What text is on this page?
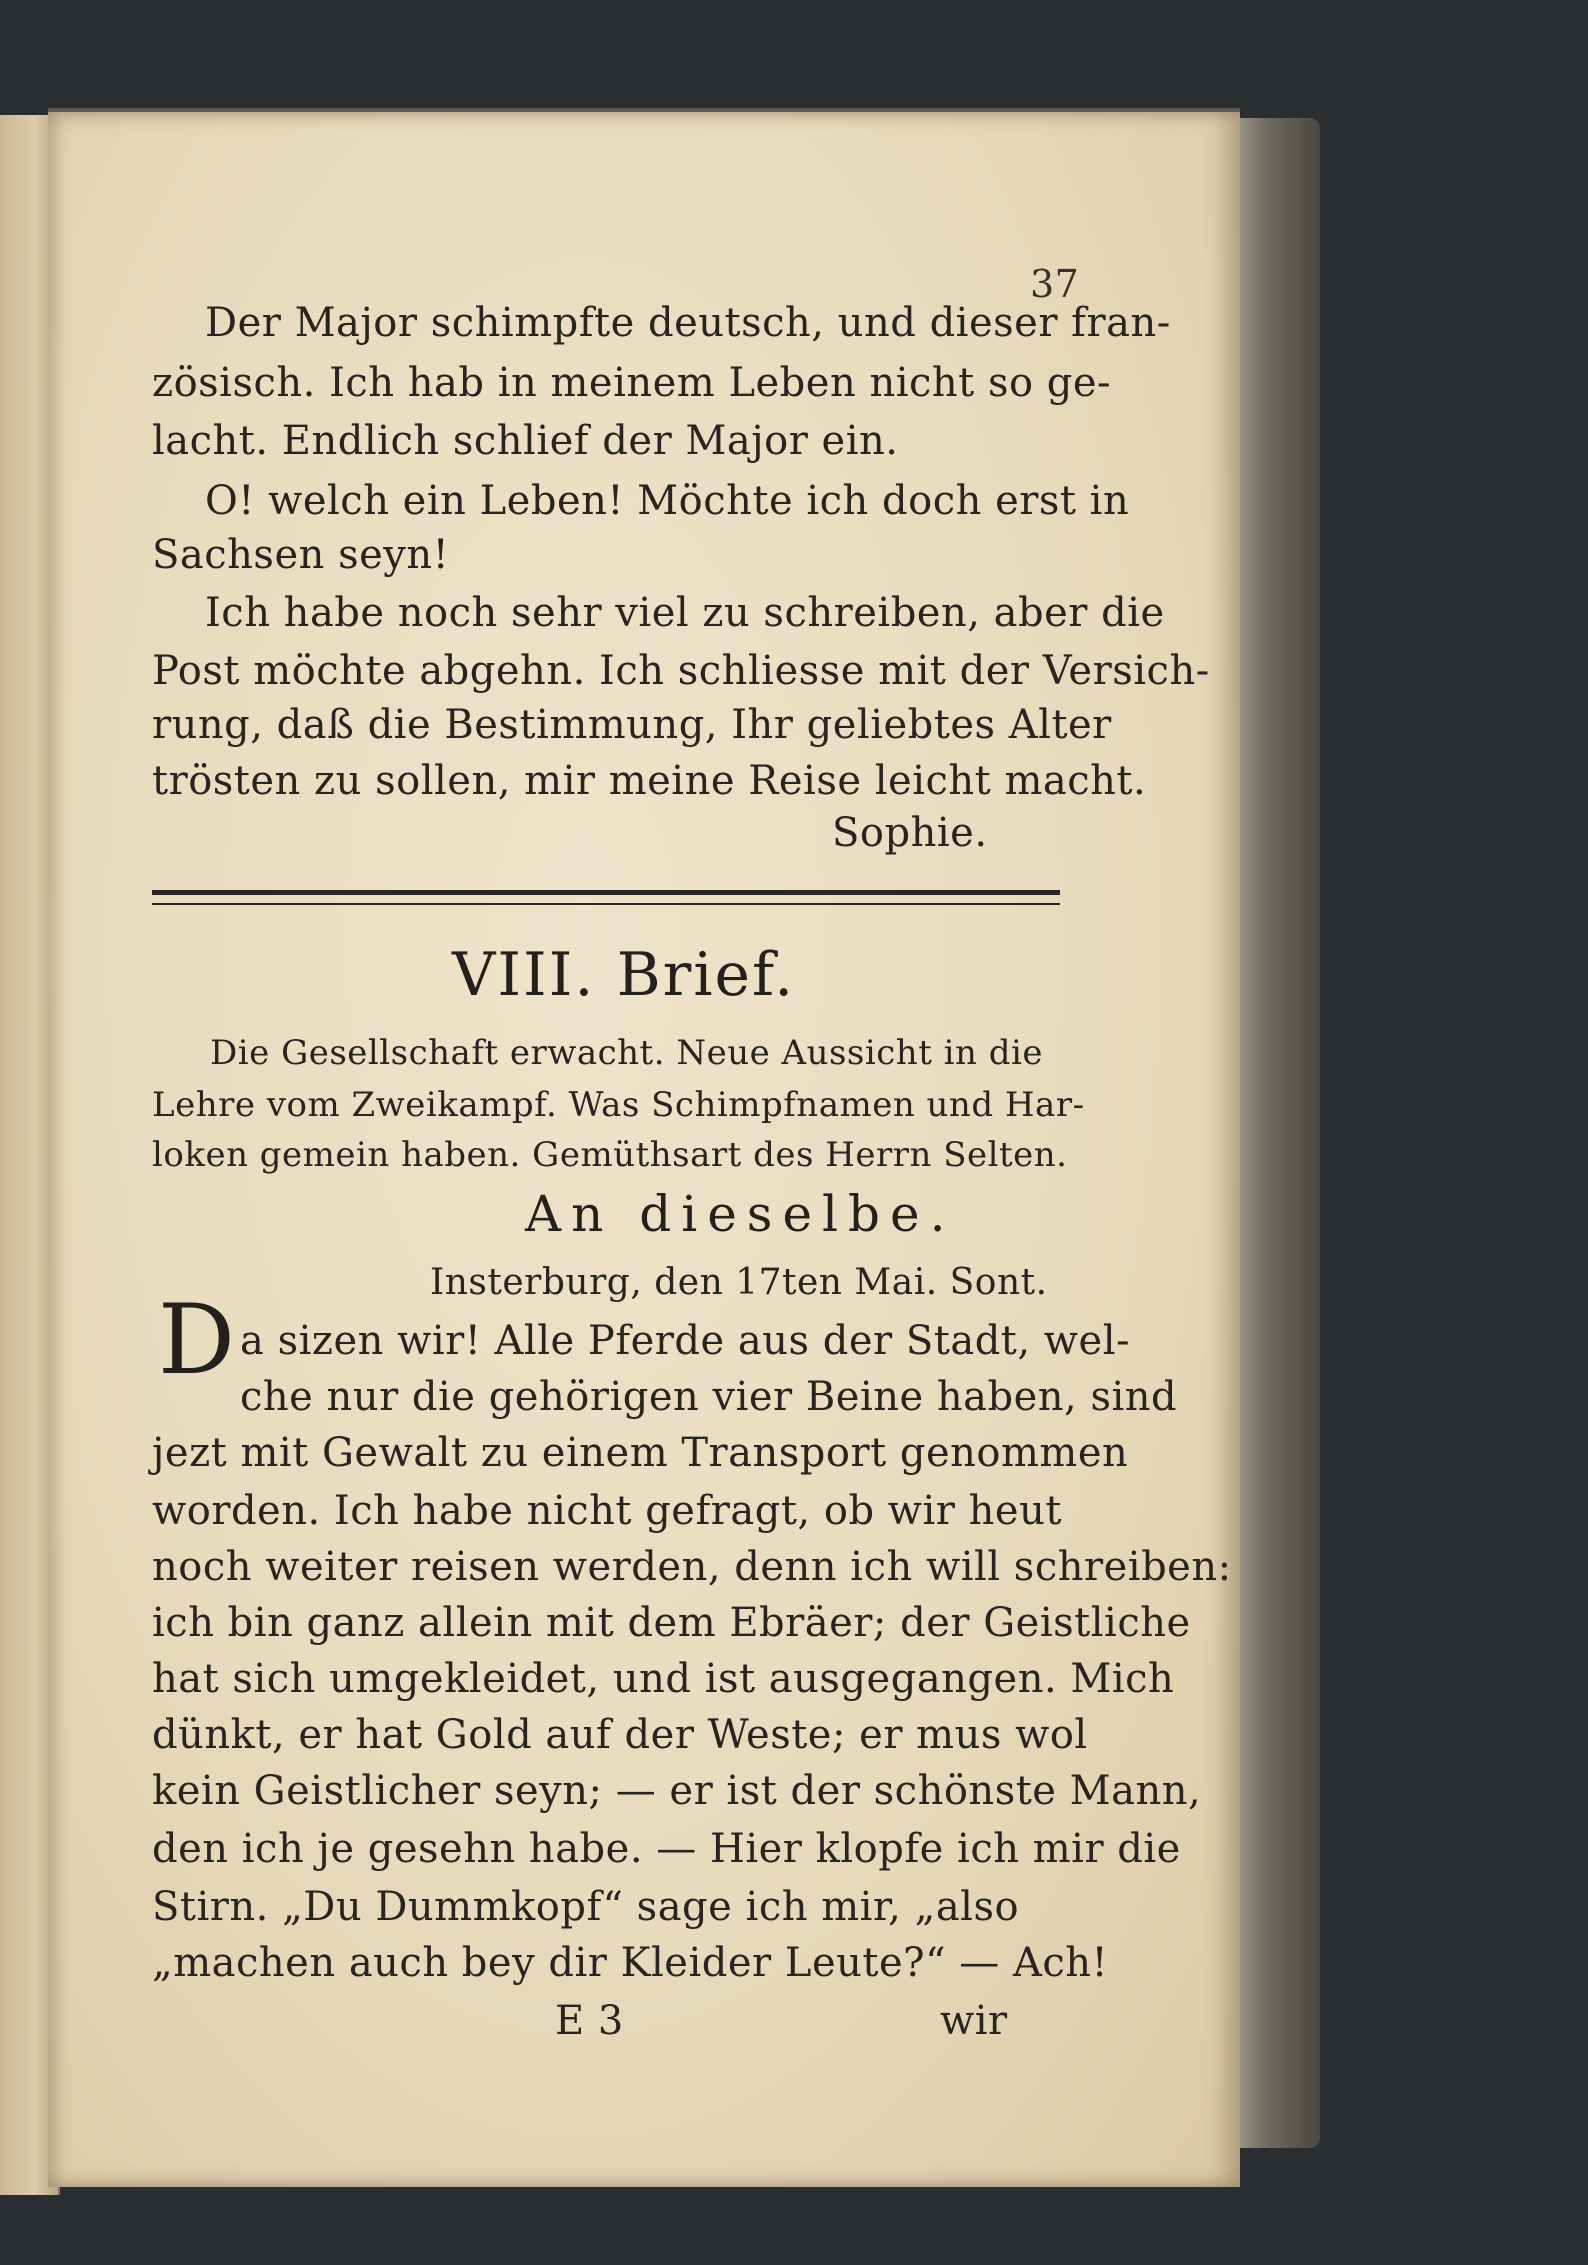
37
Der Major schimpfte deutsch, und dieser fran-
zösisch. Ich hab in meinem Leben nicht so ge-
lacht. Endlich schlief der Major ein.
O! welch ein Leben! Möchte ich doch erst in
Sachsen seyn!
Ich habe noch sehr viel zu schreiben, aber die
Post möchte abgehn. Ich schliesse mit der Versich-
rung, daß die Bestimmung, Ihr geliebtes Alter
trösten zu sollen, mir meine Reise leicht macht.
Sophie.
VIII. Brief.
Die Gesellschaft erwacht. Neue Aussicht in die
Lehre vom Zweikampf. Was Schimpfnamen und Har-
loken gemein haben. Gemüthsart des Herrn Selten.
An dieselbe.
Insterburg, den 17ten Mai. Sont.
D a sizen wir! Alle Pferde aus der Stadt, wel-
che nur die gehörigen vier Beine haben, sind
jezt mit Gewalt zu einem Transport genommen
worden. Ich habe nicht gefragt, ob wir heut
noch weiter reisen werden, denn ich will schreiben:
ich bin ganz allein mit dem Ebräer; der Geistliche
hat sich umgekleidet, und ist ausgegangen. Mich
dünkt, er hat Gold auf der Weste; er mus wol
kein Geistlicher seyn; — er ist der schönste Mann,
den ich je gesehn habe. — Hier klopfe ich mir die
Stirn. „Du Dummkopf“ sage ich mir, „also
„machen auch bey dir Kleider Leute?“ — Ach!
E 3	wir
